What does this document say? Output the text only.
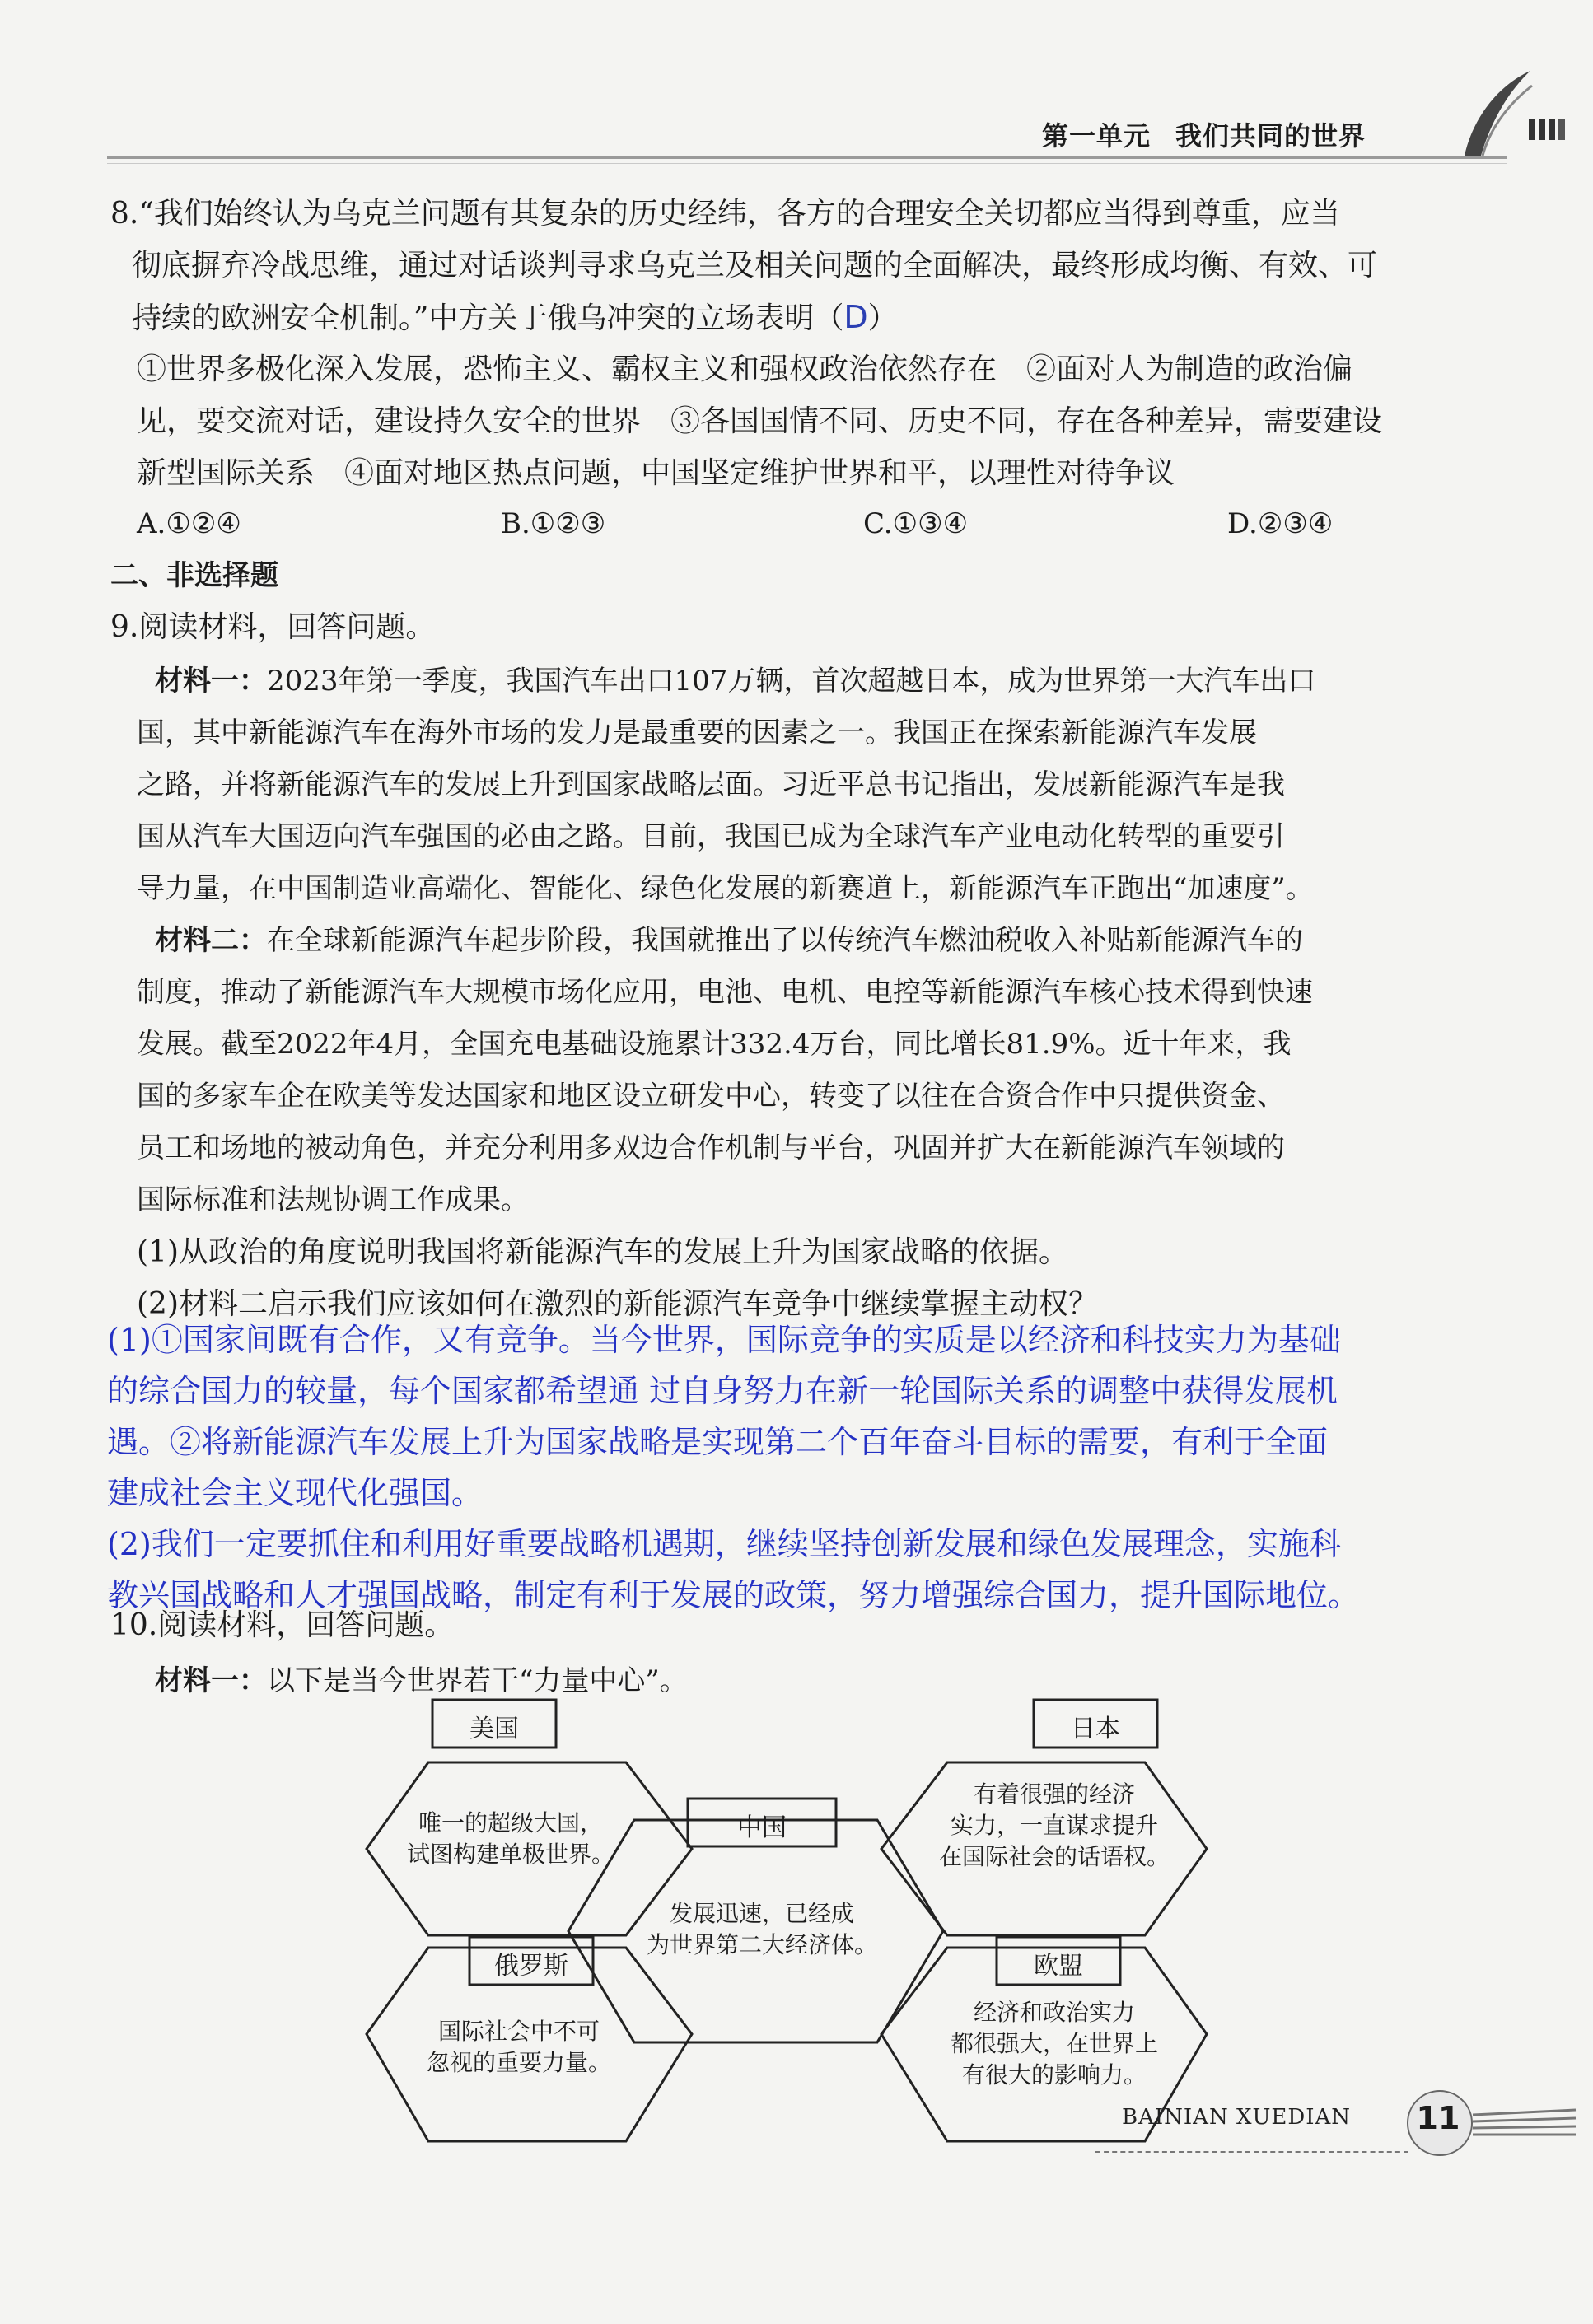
第一单元 我们共同的世界
8.“我们始终认为乌克兰问题有其复杂的历史经纬，各方的合理安全关切都应当得到尊重，应当
彻底摒弃冷战思维，通过对话谈判寻求乌克兰及相关问题的全面解决，最终形成均衡、有效、可
持续的欧洲安全机制。”中方关于俄乌冲突的立场表明（D）
①世界多极化深入发展，恐怖主义、霸权主义和强权政治依然存在　②面对人为制造的政治偏
见，要交流对话，建设持久安全的世界　③各国国情不同、历史不同，存在各种差异，需要建设
新型国际关系　④面对地区热点问题，中国坚定维护世界和平，以理性对待争议
A.①②④	B.①②③	C.①③④	D.②③④
二、非选择题
9.阅读材料，回答问题。
材料一：2023年第一季度，我国汽车出口107万辆，首次超越日本，成为世界第一大汽车出口
国，其中新能源汽车在海外市场的发力是最重要的因素之一。我国正在探索新能源汽车发展
之路，并将新能源汽车的发展上升到国家战略层面。习近平总书记指出，发展新能源汽车是我
国从汽车大国迈向汽车强国的必由之路。目前，我国已成为全球汽车产业电动化转型的重要引
导力量，在中国制造业高端化、智能化、绿色化发展的新赛道上，新能源汽车正跑出“加速度”。
材料二：在全球新能源汽车起步阶段，我国就推出了以传统汽车燃油税收入补贴新能源汽车的
制度，推动了新能源汽车大规模市场化应用，电池、电机、电控等新能源汽车核心技术得到快速
发展。截至2022年4月，全国充电基础设施累计332.4万台，同比增长81.9%。近十年来，我
国的多家车企在欧美等发达国家和地区设立研发中心，转变了以往在合资合作中只提供资金、
员工和场地的被动角色，并充分利用多双边合作机制与平台，巩固并扩大在新能源汽车领域的
国际标准和法规协调工作成果。
(1)从政治的角度说明我国将新能源汽车的发展上升为国家战略的依据。
(2)材料二启示我们应该如何在激烈的新能源汽车竞争中继续掌握主动权？
(1)①国家间既有合作，又有竞争。当今世界，国际竞争的实质是以经济和科技实力为基础
的综合国力的较量，每个国家都希望通 过自身努力在新一轮国际关系的调整中获得发展机
遇。②将新能源汽车发展上升为国家战略是实现第二个百年奋斗目标的需要，有利于全面
建成社会主义现代化强国。
(2)我们一定要抓住和利用好重要战略机遇期，继续坚持创新发展和绿色发展理念，实施科
教兴国战略和人才强国战略，制定有利于发展的政策，努力增强综合国力，提升国际地位。
10.阅读材料，回答问题。
材料一：以下是当今世界若干“力量中心”。
美国	日本
中国
俄罗斯	欧盟
唯一的超级大国，
试图构建单极世界。
有着很强的经济
实力，一直谋求提升
在国际社会的话语权。
发展迅速，已经成
为世界第二大经济体。
国际社会中不可
忽视的重要力量。
经济和政治实力
都很强大，在世界上
有很大的影响力。
BAINIAN XUEDIAN	11
